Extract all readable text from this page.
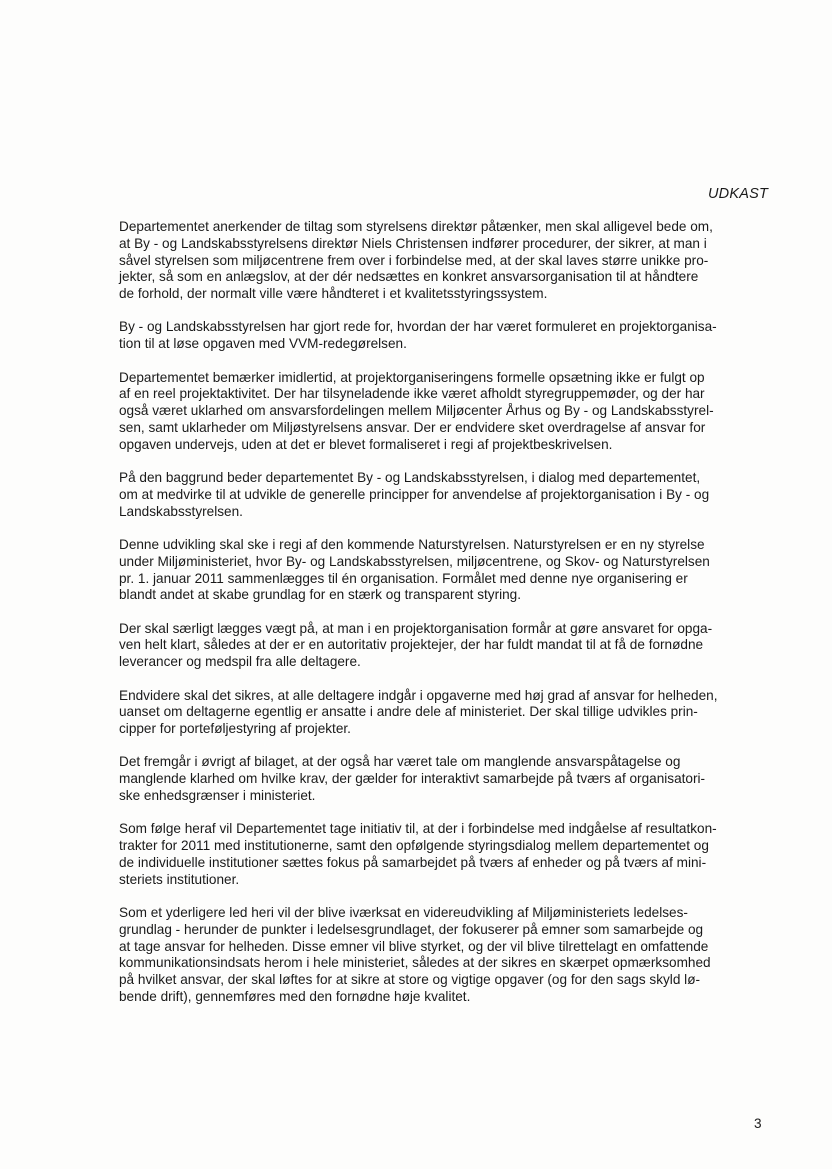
UDKAST

Departementet anerkender de tiltag som styrelsens direktør påtænker, men skal alligevel bede om,
at By - og Landskabsstyrelsens direktør Niels Christensen indfører procedurer, der sikrer, at man i
såvel styrelsen som miljøcentrene frem over i forbindelse med, at der skal laves større unikke pro-
jekter, så som en anlægslov, at der dér nedsættes en konkret ansvarsorganisation til at håndtere
de forhold, der normalt ville være håndteret i et kvalitetsstyringssystem.

By - og Landskabsstyrelsen har gjort rede for, hvordan der har været formuleret en projektorganisa-
tion til at løse opgaven med VVM-redegørelsen.

Departementet bemærker imidlertid, at projektorganiseringens formelle opsætning ikke er fulgt op
af en reel projektaktivitet. Der har tilsyneladende ikke været afholdt styregruppemøder, og der har
også været uklarhed om ansvarsfordelingen mellem Miljøcenter Århus og By - og Landskabsstyrel-
sen, samt uklarheder om Miljøstyrelsens ansvar. Der er endvidere sket overdragelse af ansvar for
opgaven undervejs, uden at det er blevet formaliseret i regi af projektbeskrivelsen.

På den baggrund beder departementet By - og Landskabsstyrelsen, i dialog med departementet,
om at medvirke til at udvikle de generelle principper for anvendelse af projektorganisation i By - og
Landskabsstyrelsen.

Denne udvikling skal ske i regi af den kommende Naturstyrelsen. Naturstyrelsen er en ny styrelse
under Miljøministeriet, hvor By- og Landskabsstyrelsen, miljøcentrene, og Skov- og Naturstyrelsen
pr. 1. januar 2011 sammenlægges til én organisation. Formålet med denne nye organisering er
blandt andet at skabe grundlag for en stærk og transparent styring.

Der skal særligt lægges vægt på, at man i en projektorganisation formår at gøre ansvaret for opga-
ven helt klart, således at der er en autoritativ projektejer, der har fuldt mandat til at få de fornødne
leverancer og medspil fra alle deltagere.

Endvidere skal det sikres, at alle deltagere indgår i opgaverne med høj grad af ansvar for helheden,
uanset om deltagerne egentlig er ansatte i andre dele af ministeriet. Der skal tillige udvikles prin-
cipper for porteføljestyring af projekter.

Det fremgår i øvrigt af bilaget, at der også har været tale om manglende ansvarspåtagelse og
manglende klarhed om hvilke krav, der gælder for interaktivt samarbejde på tværs af organisatori-
ske enhedsgrænser i ministeriet.

Som følge heraf vil Departementet tage initiativ til, at der i forbindelse med indgåelse af resultatkon-
trakter for 2011 med institutionerne, samt den opfølgende styringsdialog mellem departementet og
de individuelle institutioner sættes fokus på samarbejdet på tværs af enheder og på tværs af mini-
steriets institutioner.

Som et yderligere led heri vil der blive iværksat en videreudvikling af Miljøministeriets ledelses-
grundlag - herunder de punkter i ledelsesgrundlaget, der fokuserer på emner som samarbejde og
at tage ansvar for helheden. Disse emner vil blive styrket, og der vil blive tilrettelagt en omfattende
kommunikationsindsats herom i hele ministeriet, således at der sikres en skærpet opmærksomhed
på hvilket ansvar, der skal løftes for at sikre at store og vigtige opgaver (og for den sags skyld lø-
bende drift), gennemføres med den fornødne høje kvalitet.

3
